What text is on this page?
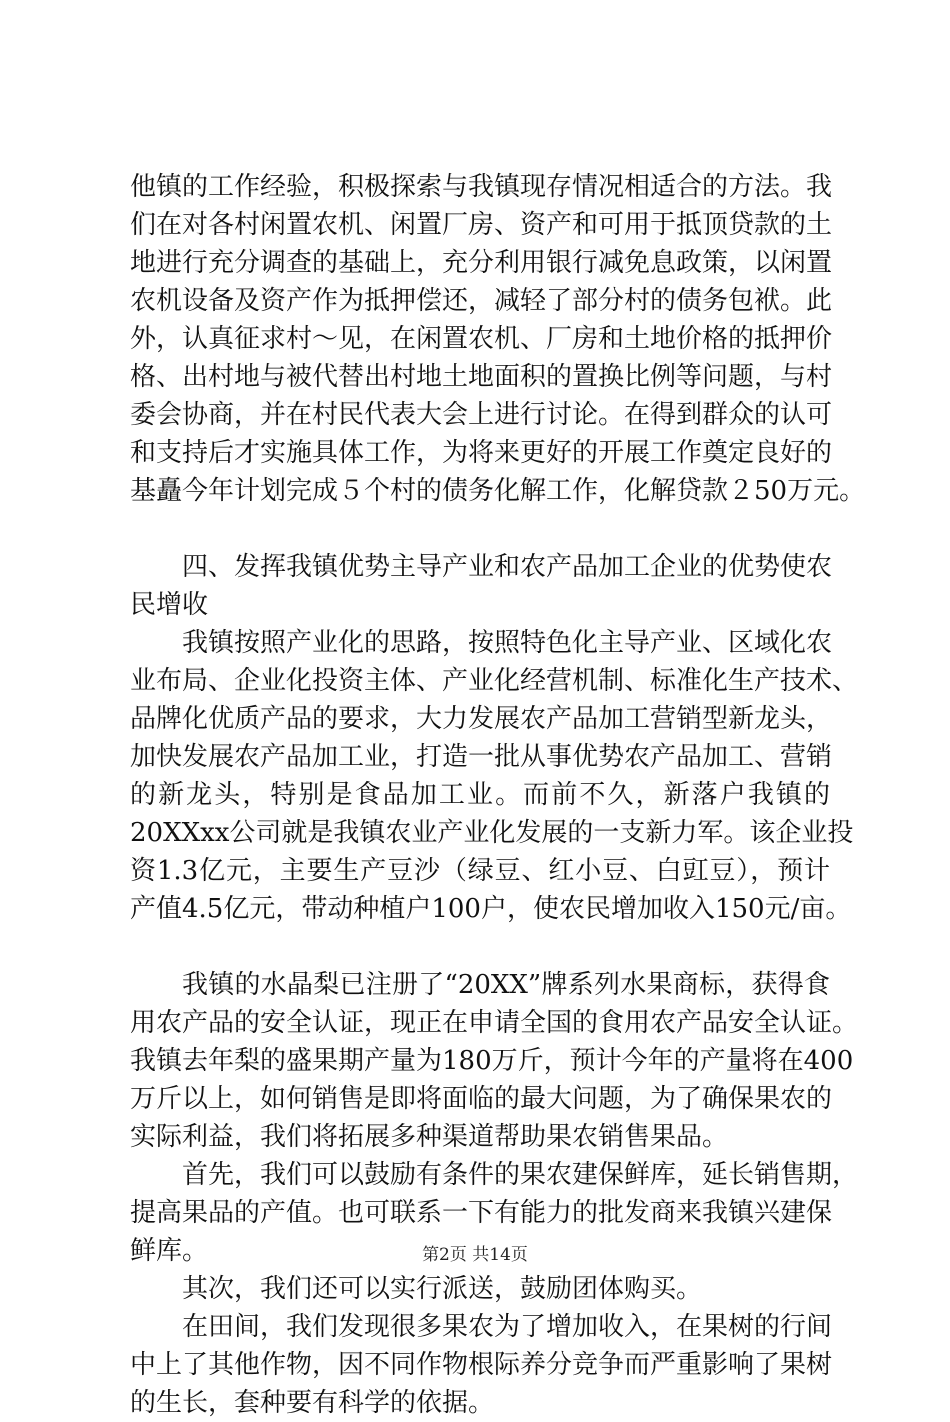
他镇的工作经验，积极探索与我镇现存情况相适合的方法。我
们在对各村闲置农机、闲置厂房、资产和可用于抵顶贷款的土
地进行充分调查的基础上，充分利用银行减免息政策，以闲置
农机设备及资产作为抵押偿还，减轻了部分村的债务包袱。此
外，认真征求村～见，在闲置农机、厂房和土地价格的抵押价
格、出村地与被代替出村地土地面积的置换比例等问题，与村
委会协商，并在村民代表大会上进行讨论。在得到群众的认可
和支持后才实施具体工作，为将来更好的开展工作奠定良好的
基矗今年计划完成５个村的债务化解工作，化解贷款２50万元。
四、发挥我镇优势主导产业和农产品加工企业的优势使农
民增收
我镇按照产业化的思路，按照特色化主导产业、区域化农
业布局、企业化投资主体、产业化经营机制、标准化生产技术、
品牌化优质产品的要求，大力发展农产品加工营销型新龙头，
加快发展农产品加工业，打造一批从事优势农产品加工、营销
的新龙头，特别是食品加工业。而前不久，新落户我镇的
20XXxx公司就是我镇农业产业化发展的一支新力军。该企业投
资1.3亿元，主要生产豆沙（绿豆、红小豆、白豇豆），预计
产值4.5亿元，带动种植户100户，使农民增加收入150元/亩。
我镇的水晶梨已注册了“20XX”牌系列水果商标，获得食
用农产品的安全认证，现正在申请全国的食用农产品安全认证。
我镇去年梨的盛果期产量为180万斤，预计今年的产量将在400
万斤以上，如何销售是即将面临的最大问题，为了确保果农的
实际利益，我们将拓展多种渠道帮助果农销售果品。
首先，我们可以鼓励有条件的果农建保鲜库，延长销售期，
提高果品的产值。也可联系一下有能力的批发商来我镇兴建保
鲜库。
其次，我们还可以实行派送，鼓励团体购买。
在田间，我们发现很多果农为了增加收入，在果树的行间
中上了其他作物，因不同作物根际养分竞争而严重影响了果树
的生长，套种要有科学的依据。
第2页 共14页
